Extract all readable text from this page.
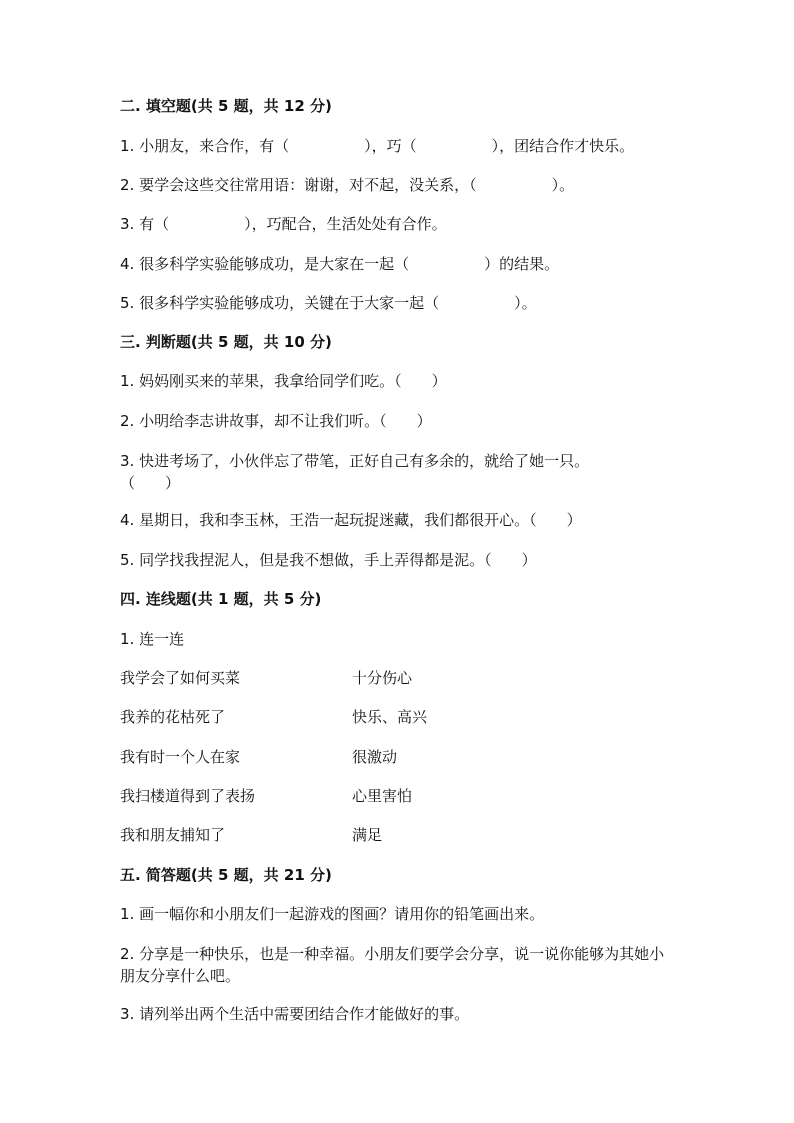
二. 填空题(共 5 题，共 12 分)
1. 小朋友，来合作，有（　　　　　），巧（　　　　　），团结合作才快乐。
2. 要学会这些交往常用语：谢谢，对不起，没关系，（　　　　　）。
3. 有（　　　　　），巧配合，生活处处有合作。
4. 很多科学实验能够成功，是大家在一起（　　　　　）的结果。
5. 很多科学实验能够成功，关键在于大家一起（　　　　　）。
三. 判断题(共 5 题，共 10 分)
1. 妈妈刚买来的苹果，我拿给同学们吃。（　　）
2. 小明给李志讲故事，却不让我们听。（　　）
3. 快进考场了，小伙伴忘了带笔，正好自己有多余的，就给了她一只。（　　）
4. 星期日，我和李玉林，王浩一起玩捉迷藏，我们都很开心。（　　）
5. 同学找我捏泥人，但是我不想做，手上弄得都是泥。（　　）
四. 连线题(共 1 题，共 5 分)
1. 连一连
我学会了如何买菜	十分伤心
我养的花枯死了	快乐、高兴
我有时一个人在家	很激动
我扫楼道得到了表扬	心里害怕
我和朋友捕知了	满足
五. 简答题(共 5 题，共 21 分)
1. 画一幅你和小朋友们一起游戏的图画？请用你的铅笔画出来。
2. 分享是一种快乐，也是一种幸福。小朋友们要学会分享，说一说你能够为其她小朋友分享什么吧。
3. 请列举出两个生活中需要团结合作才能做好的事。
